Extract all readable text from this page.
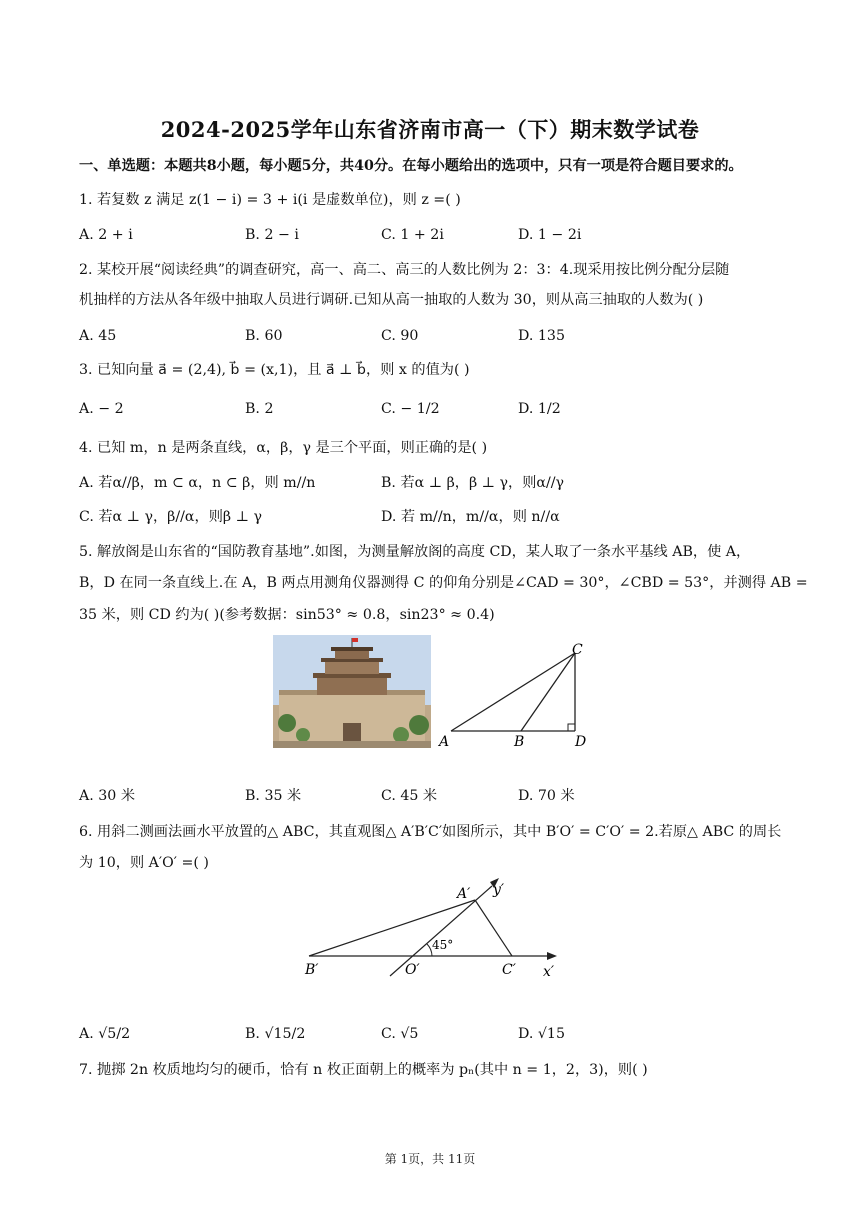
2024-2025学年山东省济南市高一（下）期末数学试卷
一、单选题：本题共8小题，每小题5分，共40分。在每小题给出的选项中，只有一项是符合题目要求的。
1. 若复数 z 满足 z(1 − i) = 3 + i(i 是虚数单位)，则 z =( )
A. 2 + i	B. 2 − i	C. 1 + 2i	D. 1 − 2i
2. 某校开展“阅读经典”的调查研究，高一、高二、高三的人数比例为 2：3：4.现采用按比例分配分层随
机抽样的方法从各年级中抽取人员进行调研.已知从高一抽取的人数为 30，则从高三抽取的人数为( )
A. 45	B. 60	C. 90	D. 135
3. 已知向量 a⃗ = (2,4), b⃗ = (x,1)，且 a⃗ ⊥ b⃗，则 x 的值为( )
A. − 2	B. 2	C. − 1/2	D. 1/2
4. 已知 m，n 是两条直线，α，β，γ 是三个平面，则正确的是( )
A. 若α//β，m ⊂ α，n ⊂ β，则 m//n	B. 若α ⊥ β，β ⊥ γ，则α//γ
C. 若α ⊥ γ，β//α，则β ⊥ γ	D. 若 m//n，m//α，则 n//α
5. 解放阁是山东省的“国防教育基地”.如图，为测量解放阁的高度 CD，某人取了一条水平基线 AB，使 A，
B，D 在同一条直线上.在 A，B 两点用测角仪器测得 C 的仰角分别是∠CAD = 30°，∠CBD = 53°，并测得 AB =
35 米，则 CD 约为( )(参考数据：sin53° ≈ 0.8，sin23° ≈ 0.4)
A	B
C
D
A. 30 米	B. 35 米	C. 45 米	D. 70 米
6. 用斜二测画法画水平放置的△ ABC，其直观图△ A′B′C′如图所示，其中 B′O′ = C′O′ = 2.若原△ ABC 的周长
为 10，则 A′O′ =( )
45°
A′
B′	C′
O′	x′
y′
A. √5/2	B. √15/2	C. √5	D. √15
7. 抛掷 2n 枚质地均匀的硬币，恰有 n 枚正面朝上的概率为 pₙ(其中 n = 1，2，3)，则( )
第 1页，共 11页
